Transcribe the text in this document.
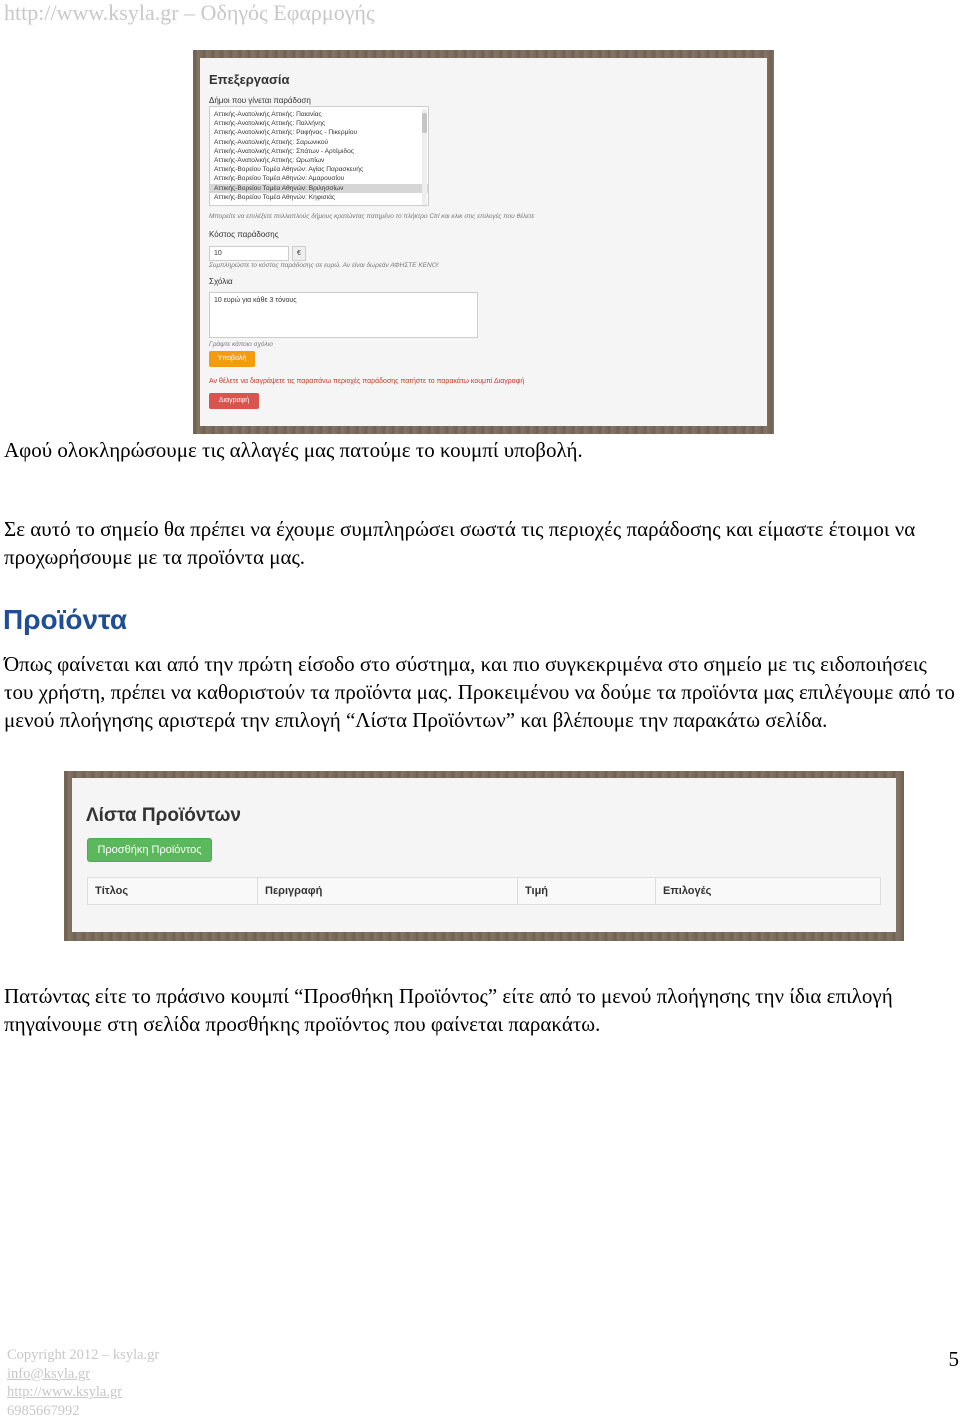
http://www.ksyla.gr – Οδηγός Εφαρμογής
Επεξεργασία
Δήμοι που γίνεται παράδοση
Αττικής-Ανατολικής Αττικής: Παιανίας
Αττικής-Ανατολικής Αττικής: Παλλήνης
Αττικής-Ανατολικής Αττικής: Ραφήνας - Πικερμίου
Αττικής-Ανατολικής Αττικής: Σαρωνικού
Αττικής-Ανατολικής Αττικής: Σπάτων - Αρτέμιδος
Αττικής-Ανατολικής Αττικής: Ωρωπίων
Αττικής-Βορείου Τομέα Αθηνών: Αγίας Παρασκευής
Αττικής-Βορείου Τομέα Αθηνών: Αμαρουσίου
Αττικής-Βορείου Τομέα Αθηνών: Βριλησσίων
Αττικής-Βορείου Τομέα Αθηνών: Κηφισιάς
Μπορείτε να επιλέξετε πολλαπλούς δήμους κρατώντας πατημένο το πλήκτρο Ctrl και κλικ στις επιλογές που θέλετε
Κόστος παράδοσης
10	€
Συμπληρώστε το κόστος παράδοσης σε ευρώ. Αν είναι δωρεάν ΑΦΗΣΤΕ ΚΕΝΟ!
Σχόλια
10 ευρώ για κάθε 3 τόνους
Γράψτε κάποιο σχόλιο
Υποβολή
Αν θέλετε να διαγράψετε τις παραπάνω περιοχές παράδοσης πατήστε το παρακάτω κουμπί Διαγραφή
Διαγραφή

Αφού ολοκληρώσουμε τις αλλαγές μας πατούμε το κουμπί υποβολή.

Σε αυτό το σημείο θα πρέπει να έχουμε συμπληρώσει σωστά τις περιοχές παράδοσης και είμαστε έτοιμοι να προχωρήσουμε με τα προϊόντα μας.

Προϊόντα

Όπως φαίνεται και από την πρώτη είσοδο στο σύστημα, και πιο συγκεκριμένα στο σημείο με τις ειδοποιήσεις του χρήστη, πρέπει να καθοριστούν τα προϊόντα μας. Προκειμένου να δούμε τα προϊόντα μας επιλέγουμε από το μενού πλοήγησης αριστερά την επιλογή “Λίστα Προϊόντων” και βλέπουμε την παρακάτω σελίδα.

Λίστα Προϊόντων
Προσθήκη Προϊόντος
Τίτλος	Περιγραφή	Τιμή	Επιλογές

Πατώντας είτε το πράσινο κουμπί “Προσθήκη Προϊόντος” είτε από το μενού πλοήγησης την ίδια επιλογή πηγαίνουμε στη σελίδα προσθήκης προϊόντος που φαίνεται παρακάτω.

Copyright 2012 – ksyla.gr
info@ksyla.gr
http://www.ksyla.gr
6985667992
5
